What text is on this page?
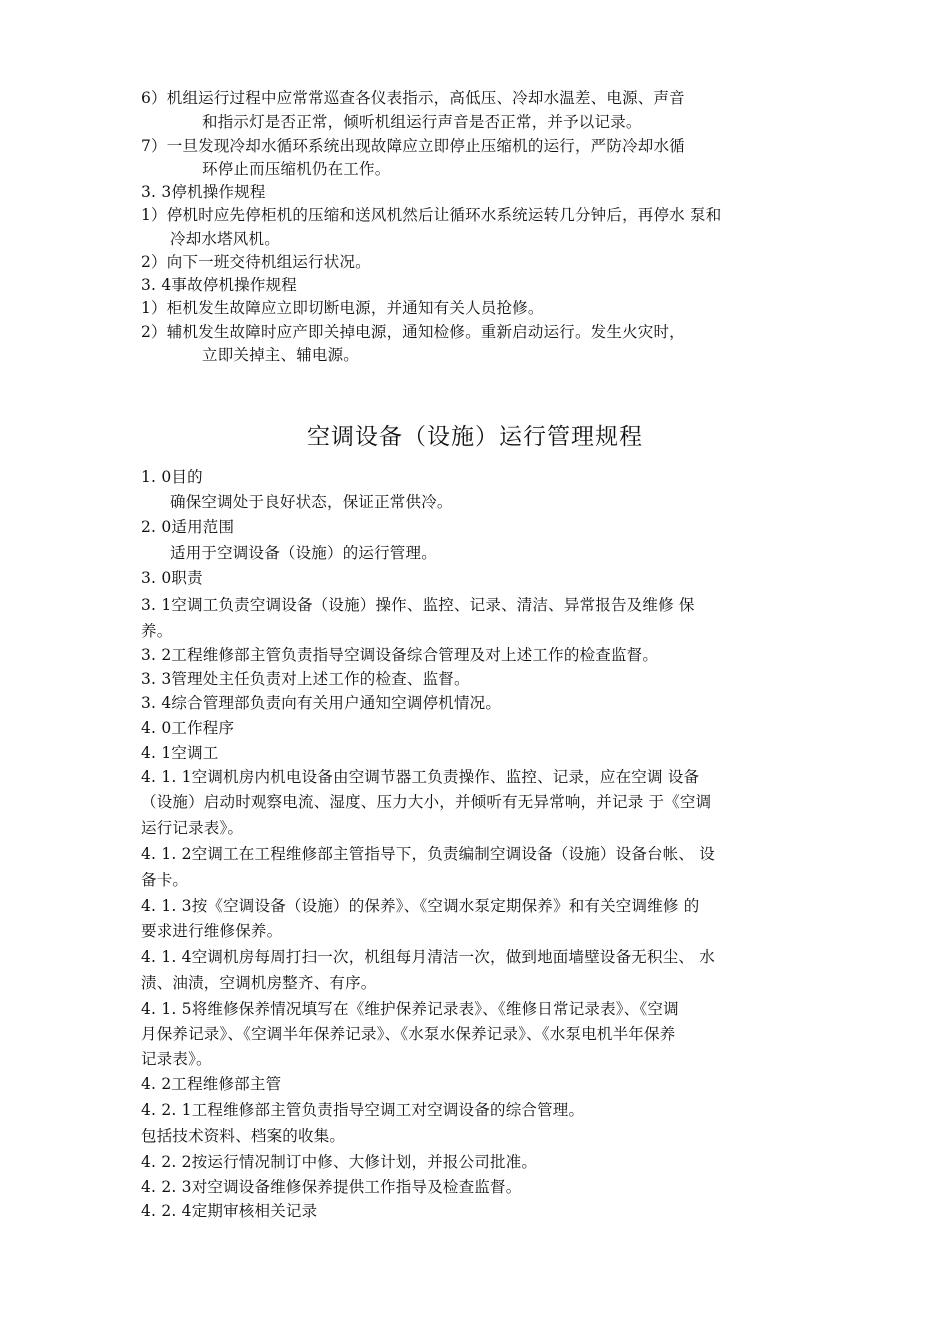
6）机组运行过程中应常常巡查各仪表指示，高低压、冷却水温差、电源、声音
和指示灯是否正常，倾听机组运行声音是否正常，并予以记录。
7）一旦发现冷却水循环系统出现故障应立即停止压缩机的运行，严防冷却水循
环停止而压缩机仍在工作。
3. 3停机操作规程
1）停机时应先停柜机的压缩和送风机然后让循环水系统运转几分钟后，再停水 泵和
冷却水塔风机。
2）向下一班交待机组运行状况。
3. 4事故停机操作规程
1）柜机发生故障应立即切断电源，并通知有关人员抢修。
2）辅机发生故障时应产即关掉电源，通知检修。重新启动运行。发生火灾时，
立即关掉主、辅电源。
空调设备（设施）运行管理规程
1. 0目的
确保空调处于良好状态，保证正常供冷。
2. 0适用范围
适用于空调设备（设施）的运行管理。
3. 0职责
3. 1空调工负责空调设备（设施）操作、监控、记录、清洁、异常报告及维修 保
养。
3. 2工程维修部主管负责指导空调设备综合管理及对上述工作的检查监督。
3. 3管理处主任负责对上述工作的检查、监督。
3. 4综合管理部负责向有关用户通知空调停机情况。
4. 0工作程序
4. 1空调工
4. 1. 1空调机房内机电设备由空调节器工负责操作、监控、记录，应在空调 设备
（设施）启动时观察电流、湿度、压力大小，并倾听有无异常响，并记录 于《空调
运行记录表》。
4. 1. 2空调工在工程维修部主管指导下，负责编制空调设备（设施）设备台帐、 设
备卡。
4. 1. 3按《空调设备（设施）的保养》、《空调水泵定期保养》和有关空调维修 的
要求进行维修保养。
4. 1. 4空调机房每周打扫一次，机组每月清洁一次，做到地面墙壁设备无积尘、 水
渍、油渍，空调机房整齐、有序。
4. 1. 5将维修保养情况填写在《维护保养记录表》、《维修日常记录表》、《空调
月保养记录》、《空调半年保养记录》、《水泵水保养记录》、《水泵电机半年保养
记录表》。
4. 2工程维修部主管
4. 2. 1工程维修部主管负责指导空调工对空调设备的综合管理。
包括技术资料、档案的收集。
4. 2. 2按运行情况制订中修、大修计划，并报公司批准。
4. 2. 3对空调设备维修保养提供工作指导及检查监督。
4. 2. 4定期审核相关记录
